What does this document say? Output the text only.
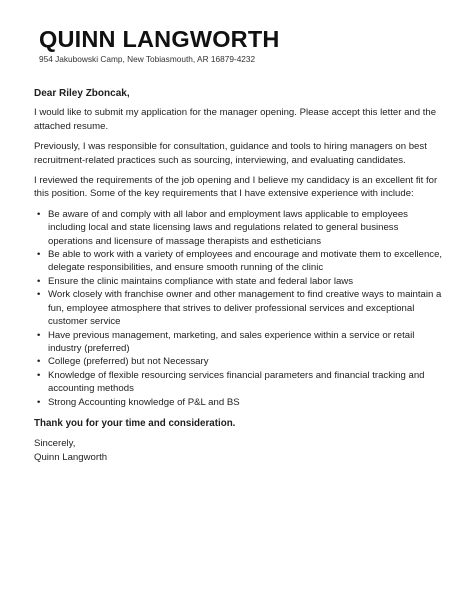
QUINN LANGWORTH
954 Jakubowski Camp, New Tobiasmouth, AR 16879-4232

Dear Riley Zboncak,

I would like to submit my application for the manager opening. Please accept this letter and the attached resume.

Previously, I was responsible for consultation, guidance and tools to hiring managers on best recruitment-related practices such as sourcing, interviewing, and evaluating candidates.

I reviewed the requirements of the job opening and I believe my candidacy is an excellent fit for this position. Some of the key requirements that I have extensive experience with include:

• Be aware of and comply with all labor and employment laws applicable to employees including local and state licensing laws and regulations related to general business operations and licensure of massage therapists and estheticians
• Be able to work with a variety of employees and encourage and motivate them to excellence, delegate responsibilities, and ensure smooth running of the clinic
• Ensure the clinic maintains compliance with state and federal labor laws
• Work closely with franchise owner and other management to find creative ways to maintain a fun, employee atmosphere that strives to deliver professional services and exceptional customer service
• Have previous management, marketing, and sales experience within a service or retail industry (preferred)
• College (preferred) but not Necessary
• Knowledge of flexible resourcing services financial parameters and financial tracking and accounting methods
• Strong Accounting knowledge of P&L and BS

Thank you for your time and consideration.

Sincerely,

Quinn Langworth
